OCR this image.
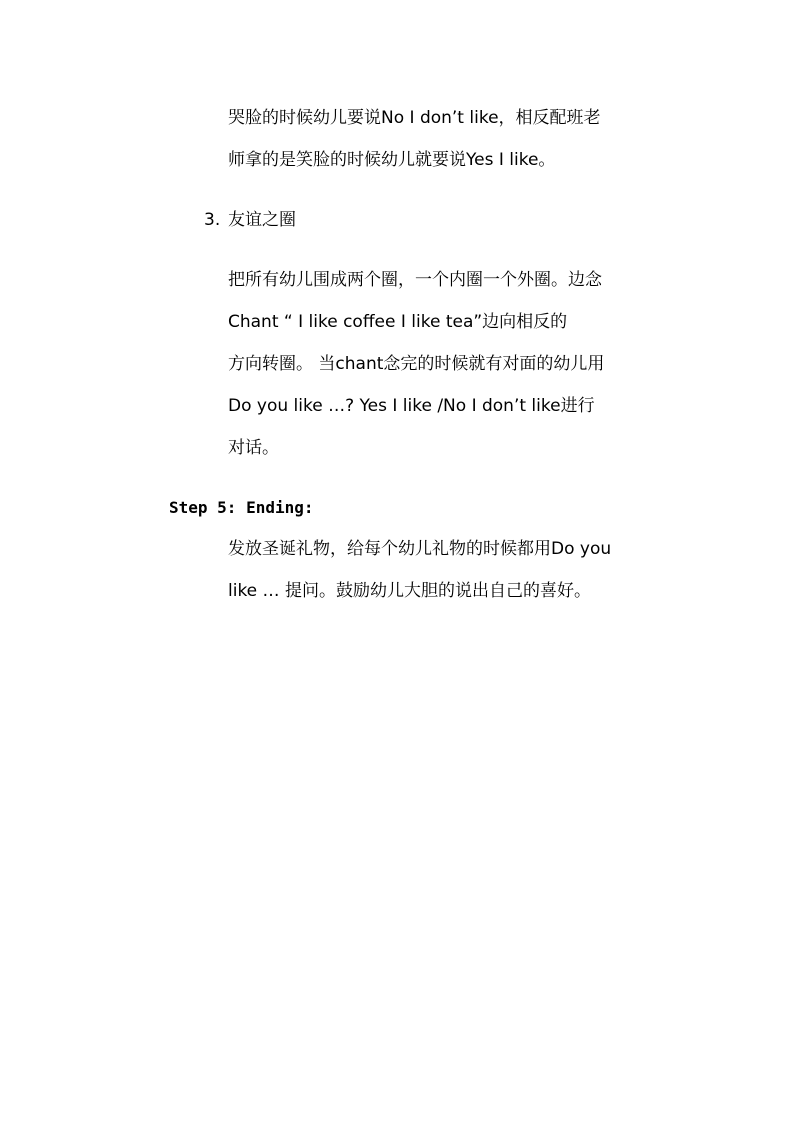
哭脸的时候幼儿要说No I don’t like，相反配班老
师拿的是笑脸的时候幼儿就要说Yes I like。
3. 友谊之圈
把所有幼儿围成两个圈，一个内圈一个外圈。边念
Chant “ I like coffee I like tea”边向相反的
方向转圈。 当chant念完的时候就有对面的幼儿用
Do you like …? Yes I like /No I don’t like进行
对话。
Step 5: Ending:
发放圣诞礼物，给每个幼儿礼物的时候都用Do you
like … 提问。鼓励幼儿大胆的说出自己的喜好。
